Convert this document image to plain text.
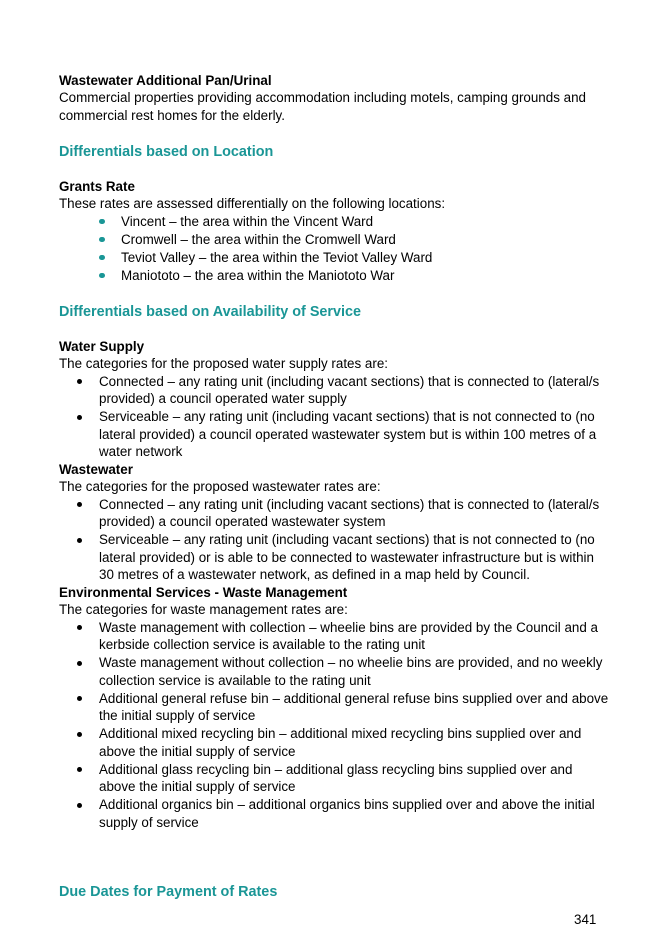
Wastewater Additional Pan/Urinal
Commercial properties providing accommodation including motels, camping grounds and commercial rest homes for the elderly.
Differentials based on Location
Grants Rate
These rates are assessed differentially on the following locations:
Vincent – the area within the Vincent Ward
Cromwell – the area within the Cromwell Ward
Teviot Valley – the area within the Teviot Valley Ward
Maniototo – the area within the Maniototo War
Differentials based on Availability of Service
Water Supply
The categories for the proposed water supply rates are:
Connected – any rating unit (including vacant sections) that is connected to (lateral/s provided) a council operated water supply
Serviceable – any rating unit (including vacant sections) that is not connected to (no lateral provided) a council operated wastewater system but is within 100 metres of a water network
Wastewater
The categories for the proposed wastewater rates are:
Connected – any rating unit (including vacant sections) that is connected to (lateral/s provided) a council operated wastewater system
Serviceable – any rating unit (including vacant sections) that is not connected to (no lateral provided) or is able to be connected to wastewater infrastructure but is within 30 metres of a wastewater network, as defined in a map held by Council.
Environmental Services - Waste Management
The categories for waste management rates are:
Waste management with collection – wheelie bins are provided by the Council and a kerbside collection service is available to the rating unit
Waste management without collection – no wheelie bins are provided, and no weekly collection service is available to the rating unit
Additional general refuse bin – additional general refuse bins supplied over and above the initial supply of service
Additional mixed recycling bin – additional mixed recycling bins supplied over and above the initial supply of service
Additional glass recycling bin – additional glass recycling bins supplied over and above the initial supply of service
Additional organics bin – additional organics bins supplied over and above the initial supply of service
Due Dates for Payment of Rates
341
